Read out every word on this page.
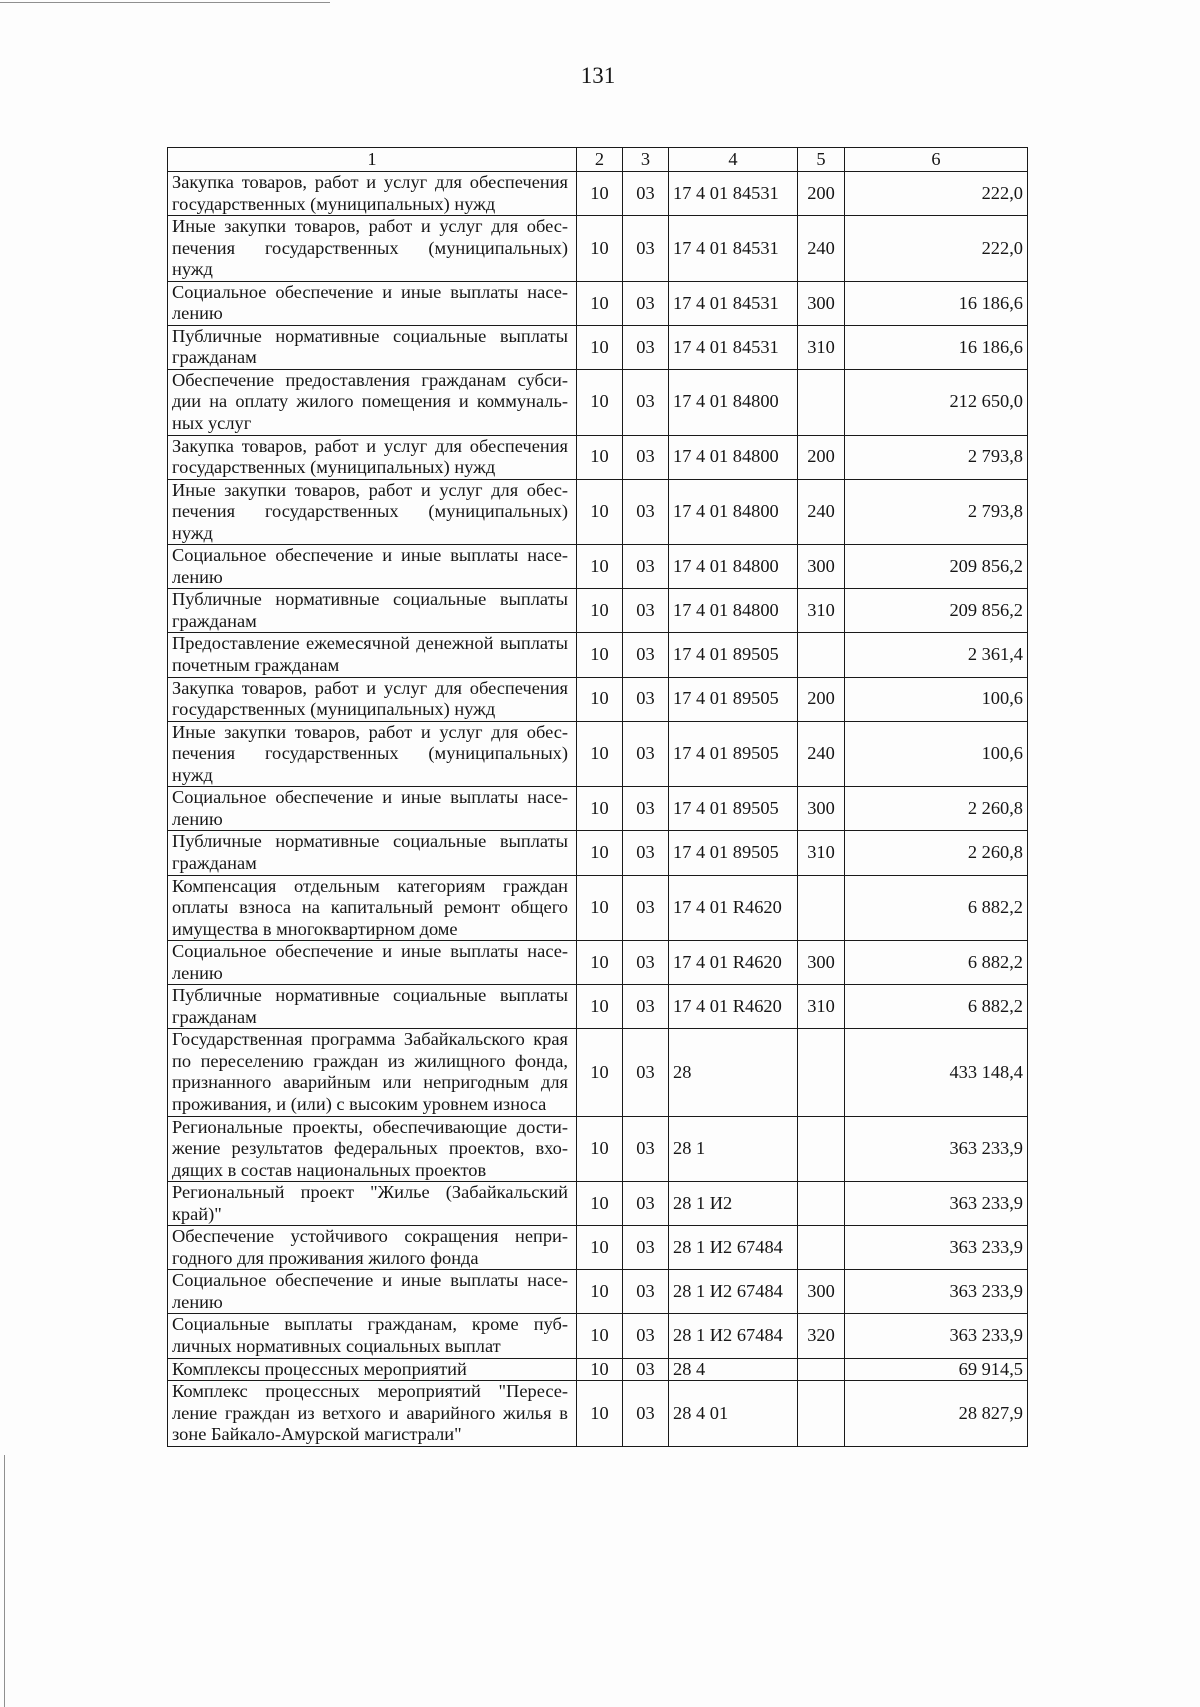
131
1	2	3	4	5	6

Закупка товаров, работ и услуг для обеспечения
государственных (муниципальных) нужд	10	03	17 4 01 84531	200	222,0

Иные закупки товаров, работ и услуг для обес-
печения государственных (муниципальных)
нужд	10	03	17 4 01 84531	240	222,0

Социальное обеспечение и иные выплаты насе-
лению	10	03	17 4 01 84531	300	16 186,6

Публичные нормативные социальные выплаты
гражданам	10	03	17 4 01 84531	310	16 186,6

Обеспечение предоставления гражданам субси-
дии на оплату жилого помещения и коммуналь-
ных услуг	10	03	17 4 01 84800		212 650,0

Закупка товаров, работ и услуг для обеспечения
государственных (муниципальных) нужд	10	03	17 4 01 84800	200	2 793,8

Иные закупки товаров, работ и услуг для обес-
печения государственных (муниципальных)
нужд	10	03	17 4 01 84800	240	2 793,8

Социальное обеспечение и иные выплаты насе-
лению	10	03	17 4 01 84800	300	209 856,2

Публичные нормативные социальные выплаты
гражданам	10	03	17 4 01 84800	310	209 856,2

Предоставление ежемесячной денежной выплаты
почетным гражданам	10	03	17 4 01 89505		2 361,4

Закупка товаров, работ и услуг для обеспечения
государственных (муниципальных) нужд	10	03	17 4 01 89505	200	100,6

Иные закупки товаров, работ и услуг для обес-
печения государственных (муниципальных)
нужд	10	03	17 4 01 89505	240	100,6

Социальное обеспечение и иные выплаты насе-
лению	10	03	17 4 01 89505	300	2 260,8

Публичные нормативные социальные выплаты
гражданам	10	03	17 4 01 89505	310	2 260,8

Компенсация отдельным категориям граждан
оплаты взноса на капитальный ремонт общего
имущества в многоквартирном доме	10	03	17 4 01 R4620		6 882,2

Социальное обеспечение и иные выплаты насе-
лению	10	03	17 4 01 R4620	300	6 882,2

Публичные нормативные социальные выплаты
гражданам	10	03	17 4 01 R4620	310	6 882,2

Государственная программа Забайкальского края
по переселению граждан из жилищного фонда,
признанного аварийным или непригодным для
проживания, и (или) с высоким уровнем износа	10	03	28		433 148,4

Региональные проекты, обеспечивающие дости-
жение результатов федеральных проектов, вхо-
дящих в состав национальных проектов	10	03	28 1		363 233,9

Региональный проект "Жилье (Забайкальский
край)"	10	03	28 1 И2		363 233,9

Обеспечение устойчивого сокращения непри-
годного для проживания жилого фонда	10	03	28 1 И2 67484		363 233,9

Социальное обеспечение и иные выплаты насе-
лению	10	03	28 1 И2 67484	300	363 233,9

Социальные выплаты гражданам, кроме пуб-
личных нормативных социальных выплат	10	03	28 1 И2 67484	320	363 233,9

Комплексы процессных мероприятий	10	03	28 4		69 914,5

Комплекс процессных мероприятий "Пересе-
ление граждан из ветхого и аварийного жилья в
зоне Байкало-Амурской магистрали"	10	03	28 4 01		28 827,9
